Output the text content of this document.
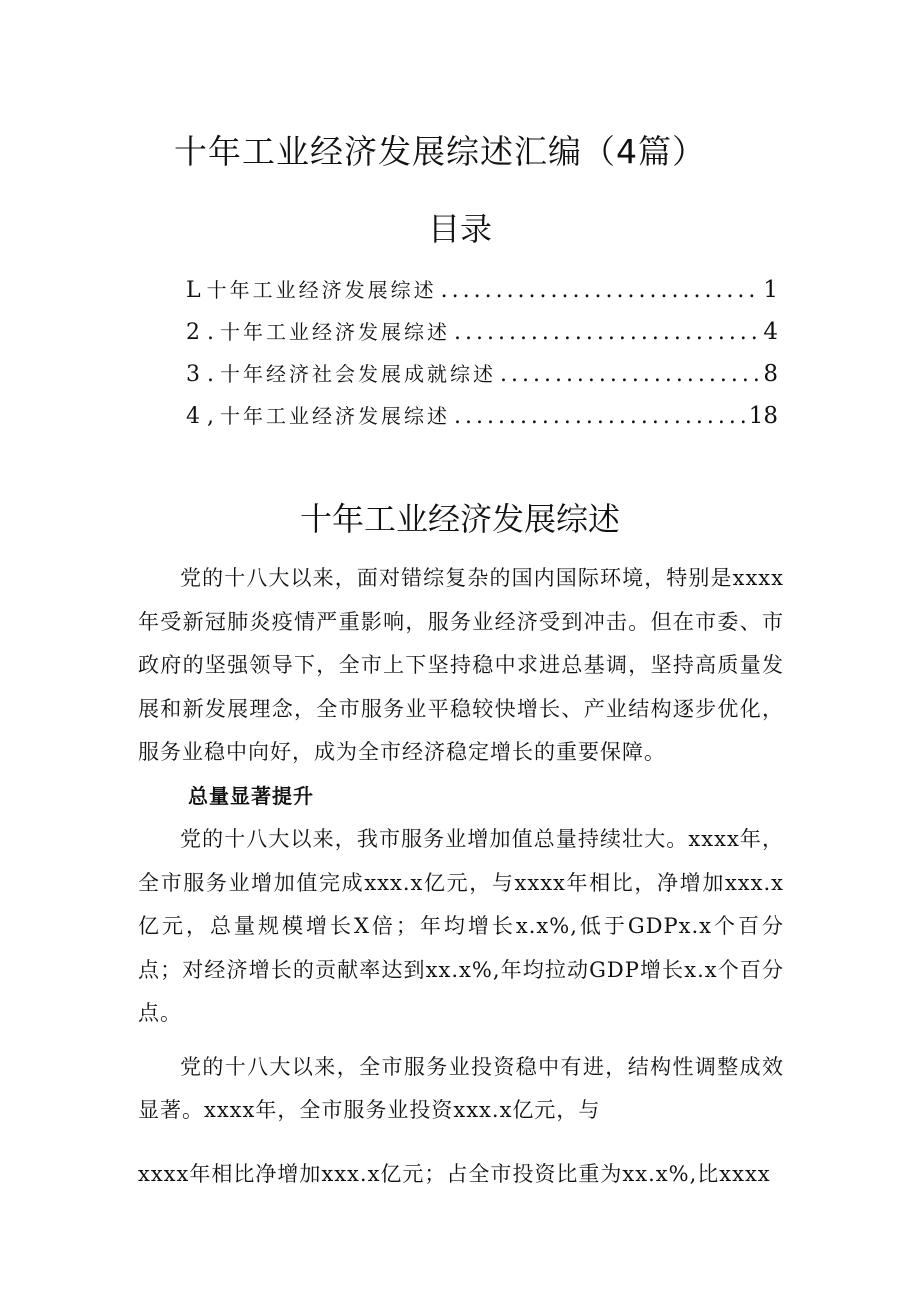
十年工业经济发展综述汇编（4篇）
目录
L 十年工业经济发展综述 .....	1
2 . 十年工业经济发展综述 .....	4
3 . 十年经济社会发展成就综述 .....	8
4 , 十年工业经济发展综述 .....	18
十年工业经济发展综述

党的十八大以来，面对错综复杂的国内国际环境，特别是xxxx年受新冠肺炎疫情严重影响，服务业经济受到冲击。但在市委、市政府的坚强领导下，全市上下坚持稳中求进总基调，坚持高质量发展和新发展理念，全市服务业平稳较快增长、产业结构逐步优化，服务业稳中向好，成为全市经济稳定增长的重要保障。

总量显著提升

党的十八大以来，我市服务业增加值总量持续壮大。xxxx年，全市服务业增加值完成xxx.x亿元，与xxxx年相比，净增加xxx.x亿元，总量规模增长X倍；年均增长x.x%,低于GDPx.x个百分点；对经济增长的贡献率达到xx.x%,年均拉动GDP增长x.x个百分点。

党的十八大以来，全市服务业投资稳中有进，结构性调整成效显著。xxxx年，全市服务业投资xxx.x亿元，与

xxxx年相比净增加xxx.x亿元；占全市投资比重为xx.x%,比xxxx
